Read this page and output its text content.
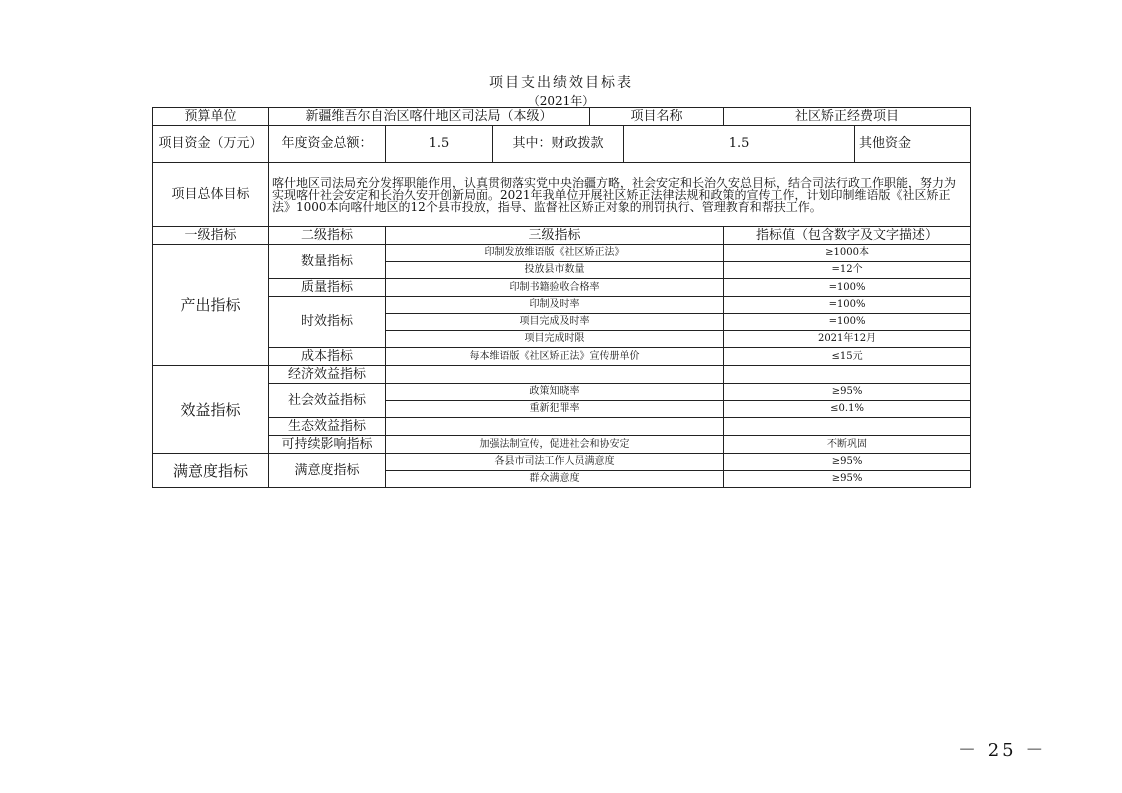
项目支出绩效目标表
（2021年）
预算单位	新疆维吾尔自治区喀什地区司法局（本级）			项目名称		社区矫正经费项目	
项目资金（万元）	年度资金总额：	1.5	其中：财政拨款		1.5		其他资金
项目总体目标	喀什地区司法局充分发挥职能作用，认真贯彻落实党中央治疆方略，社会安定和长治久安总目标，结合司法行政工作职能，努力为实现喀什社会安定和长治久安开创新局面。2021年我单位开展社区矫正法律法规和政策的宣传工作，计划印制维语版《社区矫正法》1000本向喀什地区的12个县市投放，指导、监督社区矫正对象的刑罚执行、管理教育和帮扶工作。						
一级指标	二级指标	三级指标				指标值（包含数字及文字描述）	
产出指标	数量指标	印制发放维语版《社区矫正法》				≥1000本	
		投放县市数量				=12个	
	质量指标	印制书籍验收合格率				=100%	
	时效指标	印制及时率				=100%	
		项目完成及时率				=100%	
		项目完成时限				2021年12月	
	成本指标	每本维语版《社区矫正法》宣传册单价				≤15元	
效益指标	经济效益指标						
	社会效益指标	政策知晓率				≥95%	
		重新犯罪率				≤0.1%	
	生态效益指标						
	可持续影响指标	加强法制宣传，促进社会和协安定				不断巩固	
满意度指标	满意度指标	各县市司法工作人员满意度				≥95%	
		群众满意度				≥95%	
－ 25 －
